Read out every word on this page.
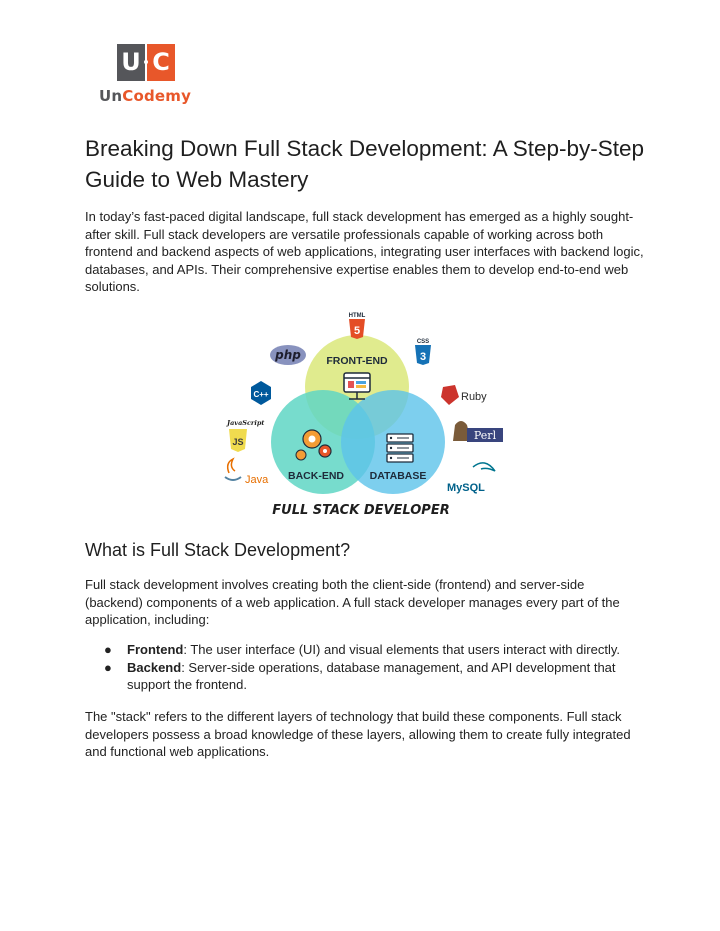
U C
UnCodemy
Breaking Down Full Stack Development: A Step-by-Step Guide to Web Mastery

In today’s fast-paced digital landscape, full stack development has emerged as a highly sought-after skill. Full stack developers are versatile professionals capable of working across both frontend and backend aspects of web applications, integrating user interfaces with backend logic, databases, and APIs. Their comprehensive expertise enables them to develop end-to-end web solutions.

FRONT-END
BACK-END DATABASE
HTML
5
CSS
3
php
C++	Ruby
JavaScript
JS	Perl
Java
MySQL
FULL STACK DEVELOPER
What is Full Stack Development?

Full stack development involves creating both the client-side (frontend) and server-side (backend) components of a web application. A full stack developer manages every part of the application, including:

● Frontend: The user interface (UI) and visual elements that users interact with directly.
● Backend: Server-side operations, database management, and API development that support the frontend.

The "stack" refers to the different layers of technology that build these components. Full stack developers possess a broad knowledge of these layers, allowing them to create fully integrated and functional web applications.
